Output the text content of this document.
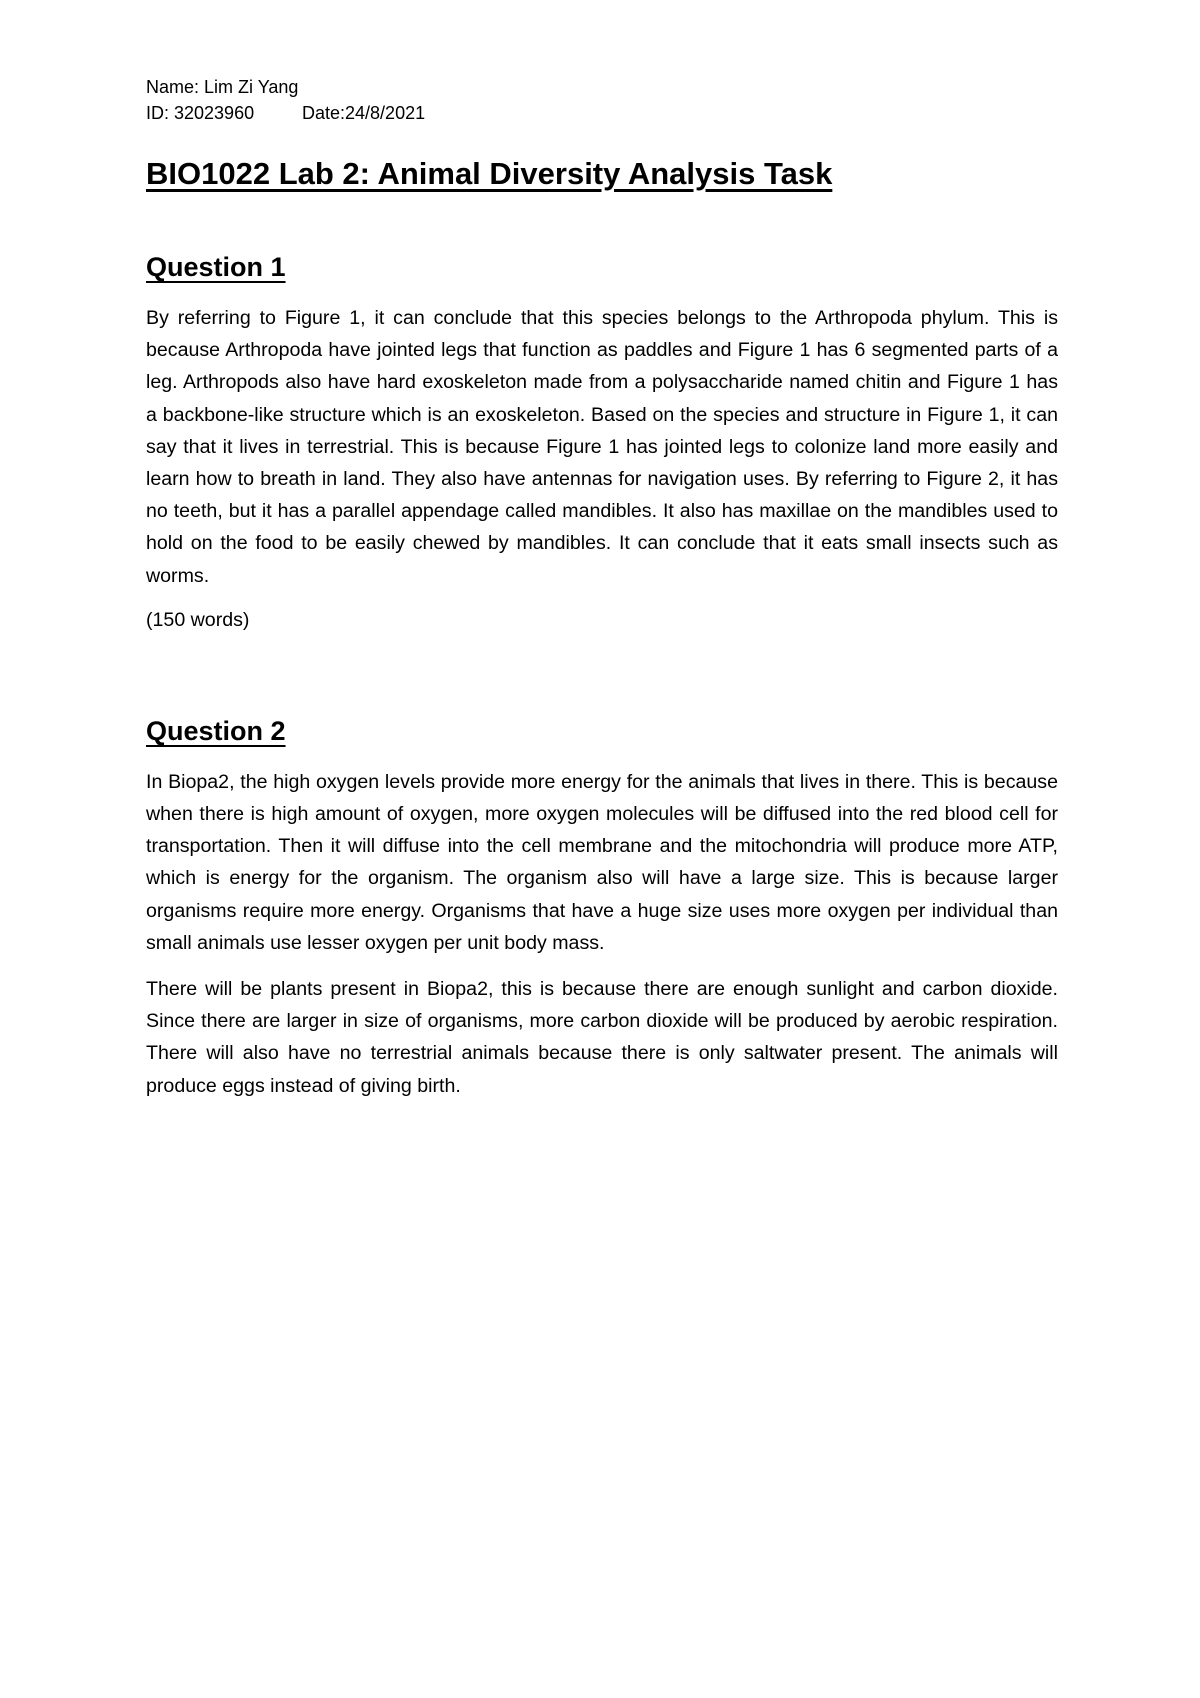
Name: Lim Zi Yang
ID: 32023960	Date:24/8/2021
BIO1022 Lab 2: Animal Diversity Analysis Task
Question 1

By referring to Figure 1, it can conclude that this species belongs to the Arthropoda phylum. This is because Arthropoda have jointed legs that function as paddles and Figure 1 has 6 segmented parts of a leg. Arthropods also have hard exoskeleton made from a polysaccharide named chitin and Figure 1 has a backbone-like structure which is an exoskeleton. Based on the species and structure in Figure 1, it can say that it lives in terrestrial. This is because Figure 1 has jointed legs to colonize land more easily and learn how to breath in land. They also have antennas for navigation uses. By referring to Figure 2, it has no teeth, but it has a parallel appendage called mandibles. It also has maxillae on the mandibles used to hold on the food to be easily chewed by mandibles. It can conclude that it eats small insects such as worms.

(150 words)

Question 2

In Biopa2, the high oxygen levels provide more energy for the animals that lives in there. This is because when there is high amount of oxygen, more oxygen molecules will be diffused into the red blood cell for transportation. Then it will diffuse into the cell membrane and the mitochondria will produce more ATP, which is energy for the organism. The organism also will have a large size. This is because larger organisms require more energy. Organisms that have a huge size uses more oxygen per individual than small animals use lesser oxygen per unit body mass.

There will be plants present in Biopa2, this is because there are enough sunlight and carbon dioxide. Since there are larger in size of organisms, more carbon dioxide will be produced by aerobic respiration. There will also have no terrestrial animals because there is only saltwater present. The animals will produce eggs instead of giving birth.
